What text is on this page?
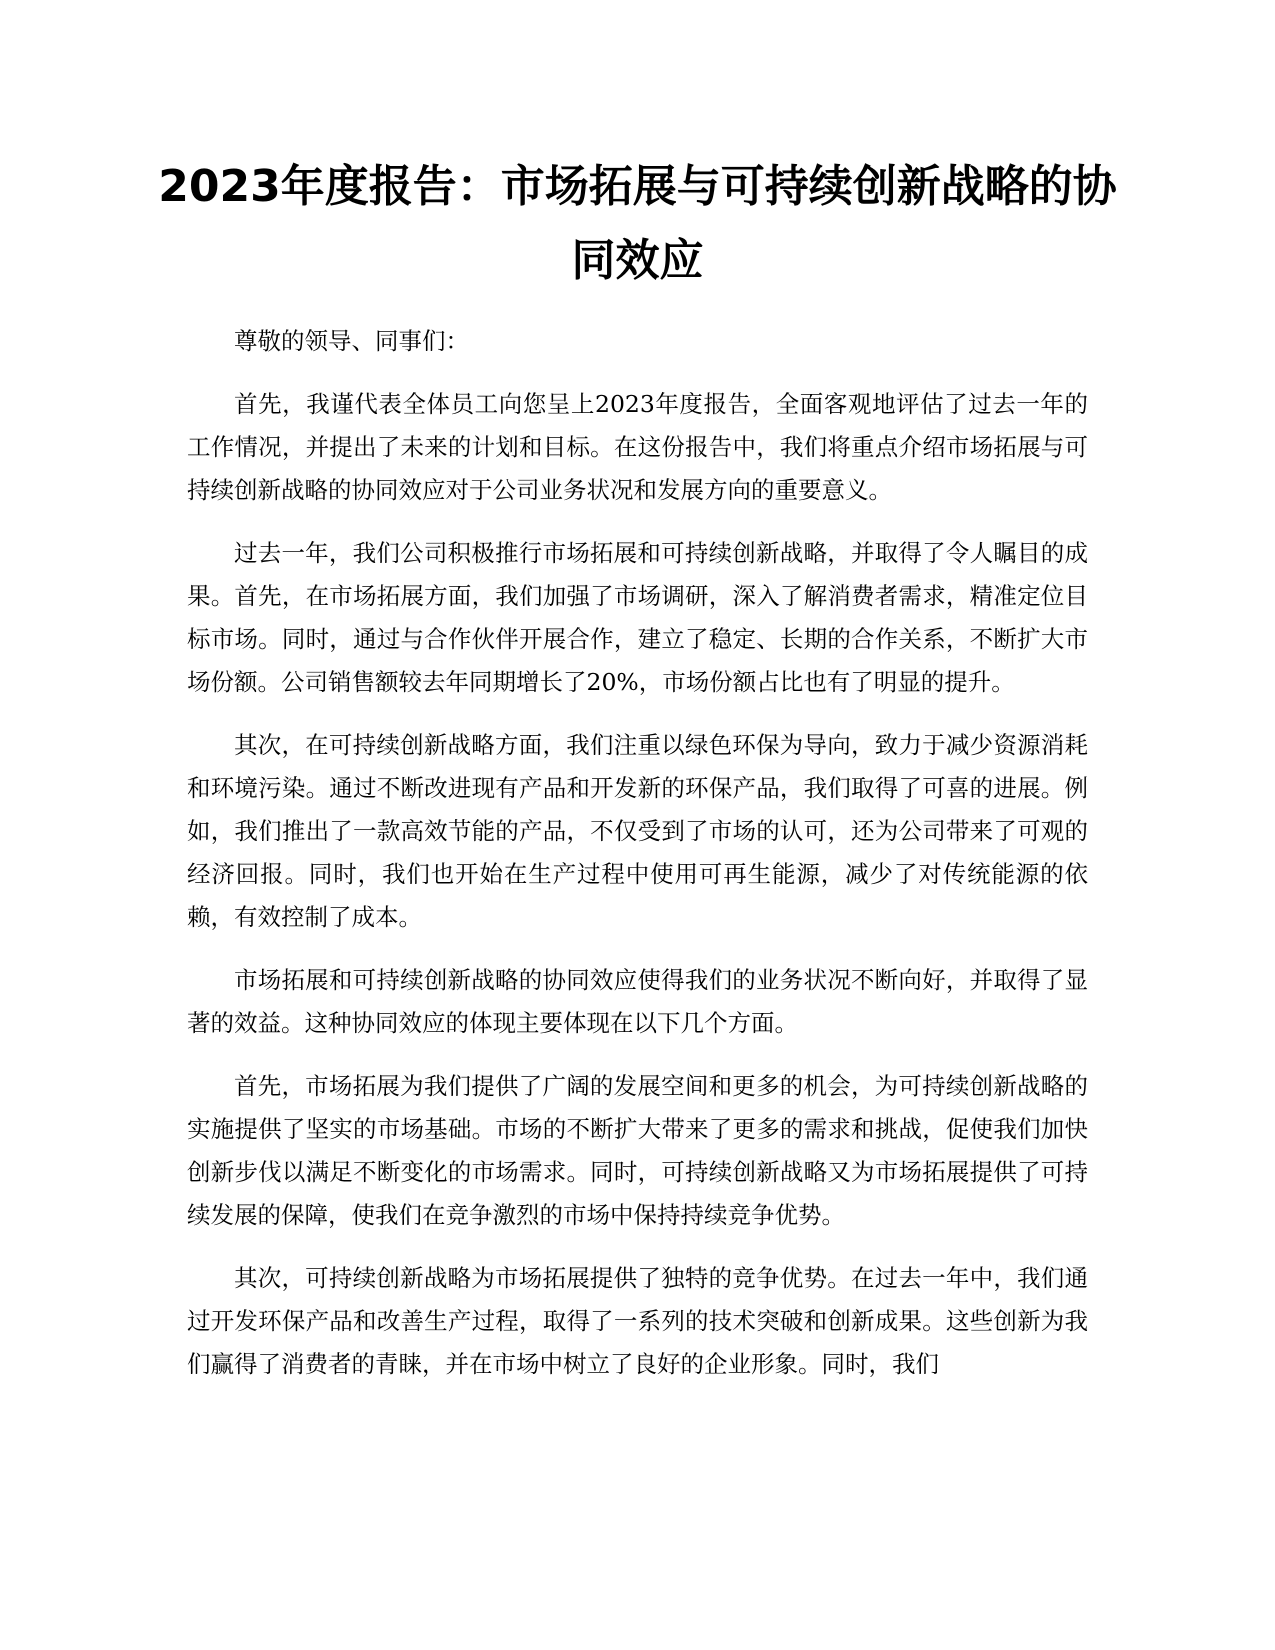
2023年度报告：市场拓展与可持续创新战略的协同效应

尊敬的领导、同事们：

首先，我谨代表全体员工向您呈上2023年度报告，全面客观地评估了过去一年的工作情况，并提出了未来的计划和目标。在这份报告中，我们将重点介绍市场拓展与可持续创新战略的协同效应对于公司业务状况和发展方向的重要意义。

过去一年，我们公司积极推行市场拓展和可持续创新战略，并取得了令人瞩目的成果。首先，在市场拓展方面，我们加强了市场调研，深入了解消费者需求，精准定位目标市场。同时，通过与合作伙伴开展合作，建立了稳定、长期的合作关系，不断扩大市场份额。公司销售额较去年同期增长了20%，市场份额占比也有了明显的提升。

其次，在可持续创新战略方面，我们注重以绿色环保为导向，致力于减少资源消耗和环境污染。通过不断改进现有产品和开发新的环保产品，我们取得了可喜的进展。例如，我们推出了一款高效节能的产品，不仅受到了市场的认可，还为公司带来了可观的经济回报。同时，我们也开始在生产过程中使用可再生能源，减少了对传统能源的依赖，有效控制了成本。

市场拓展和可持续创新战略的协同效应使得我们的业务状况不断向好，并取得了显著的效益。这种协同效应的体现主要体现在以下几个方面。

首先，市场拓展为我们提供了广阔的发展空间和更多的机会，为可持续创新战略的实施提供了坚实的市场基础。市场的不断扩大带来了更多的需求和挑战，促使我们加快创新步伐以满足不断变化的市场需求。同时，可持续创新战略又为市场拓展提供了可持续发展的保障，使我们在竞争激烈的市场中保持持续竞争优势。

其次，可持续创新战略为市场拓展提供了独特的竞争优势。在过去一年中，我们通过开发环保产品和改善生产过程，取得了一系列的技术突破和创新成果。这些创新为我们赢得了消费者的青睐，并在市场中树立了良好的企业形象。同时，我们
